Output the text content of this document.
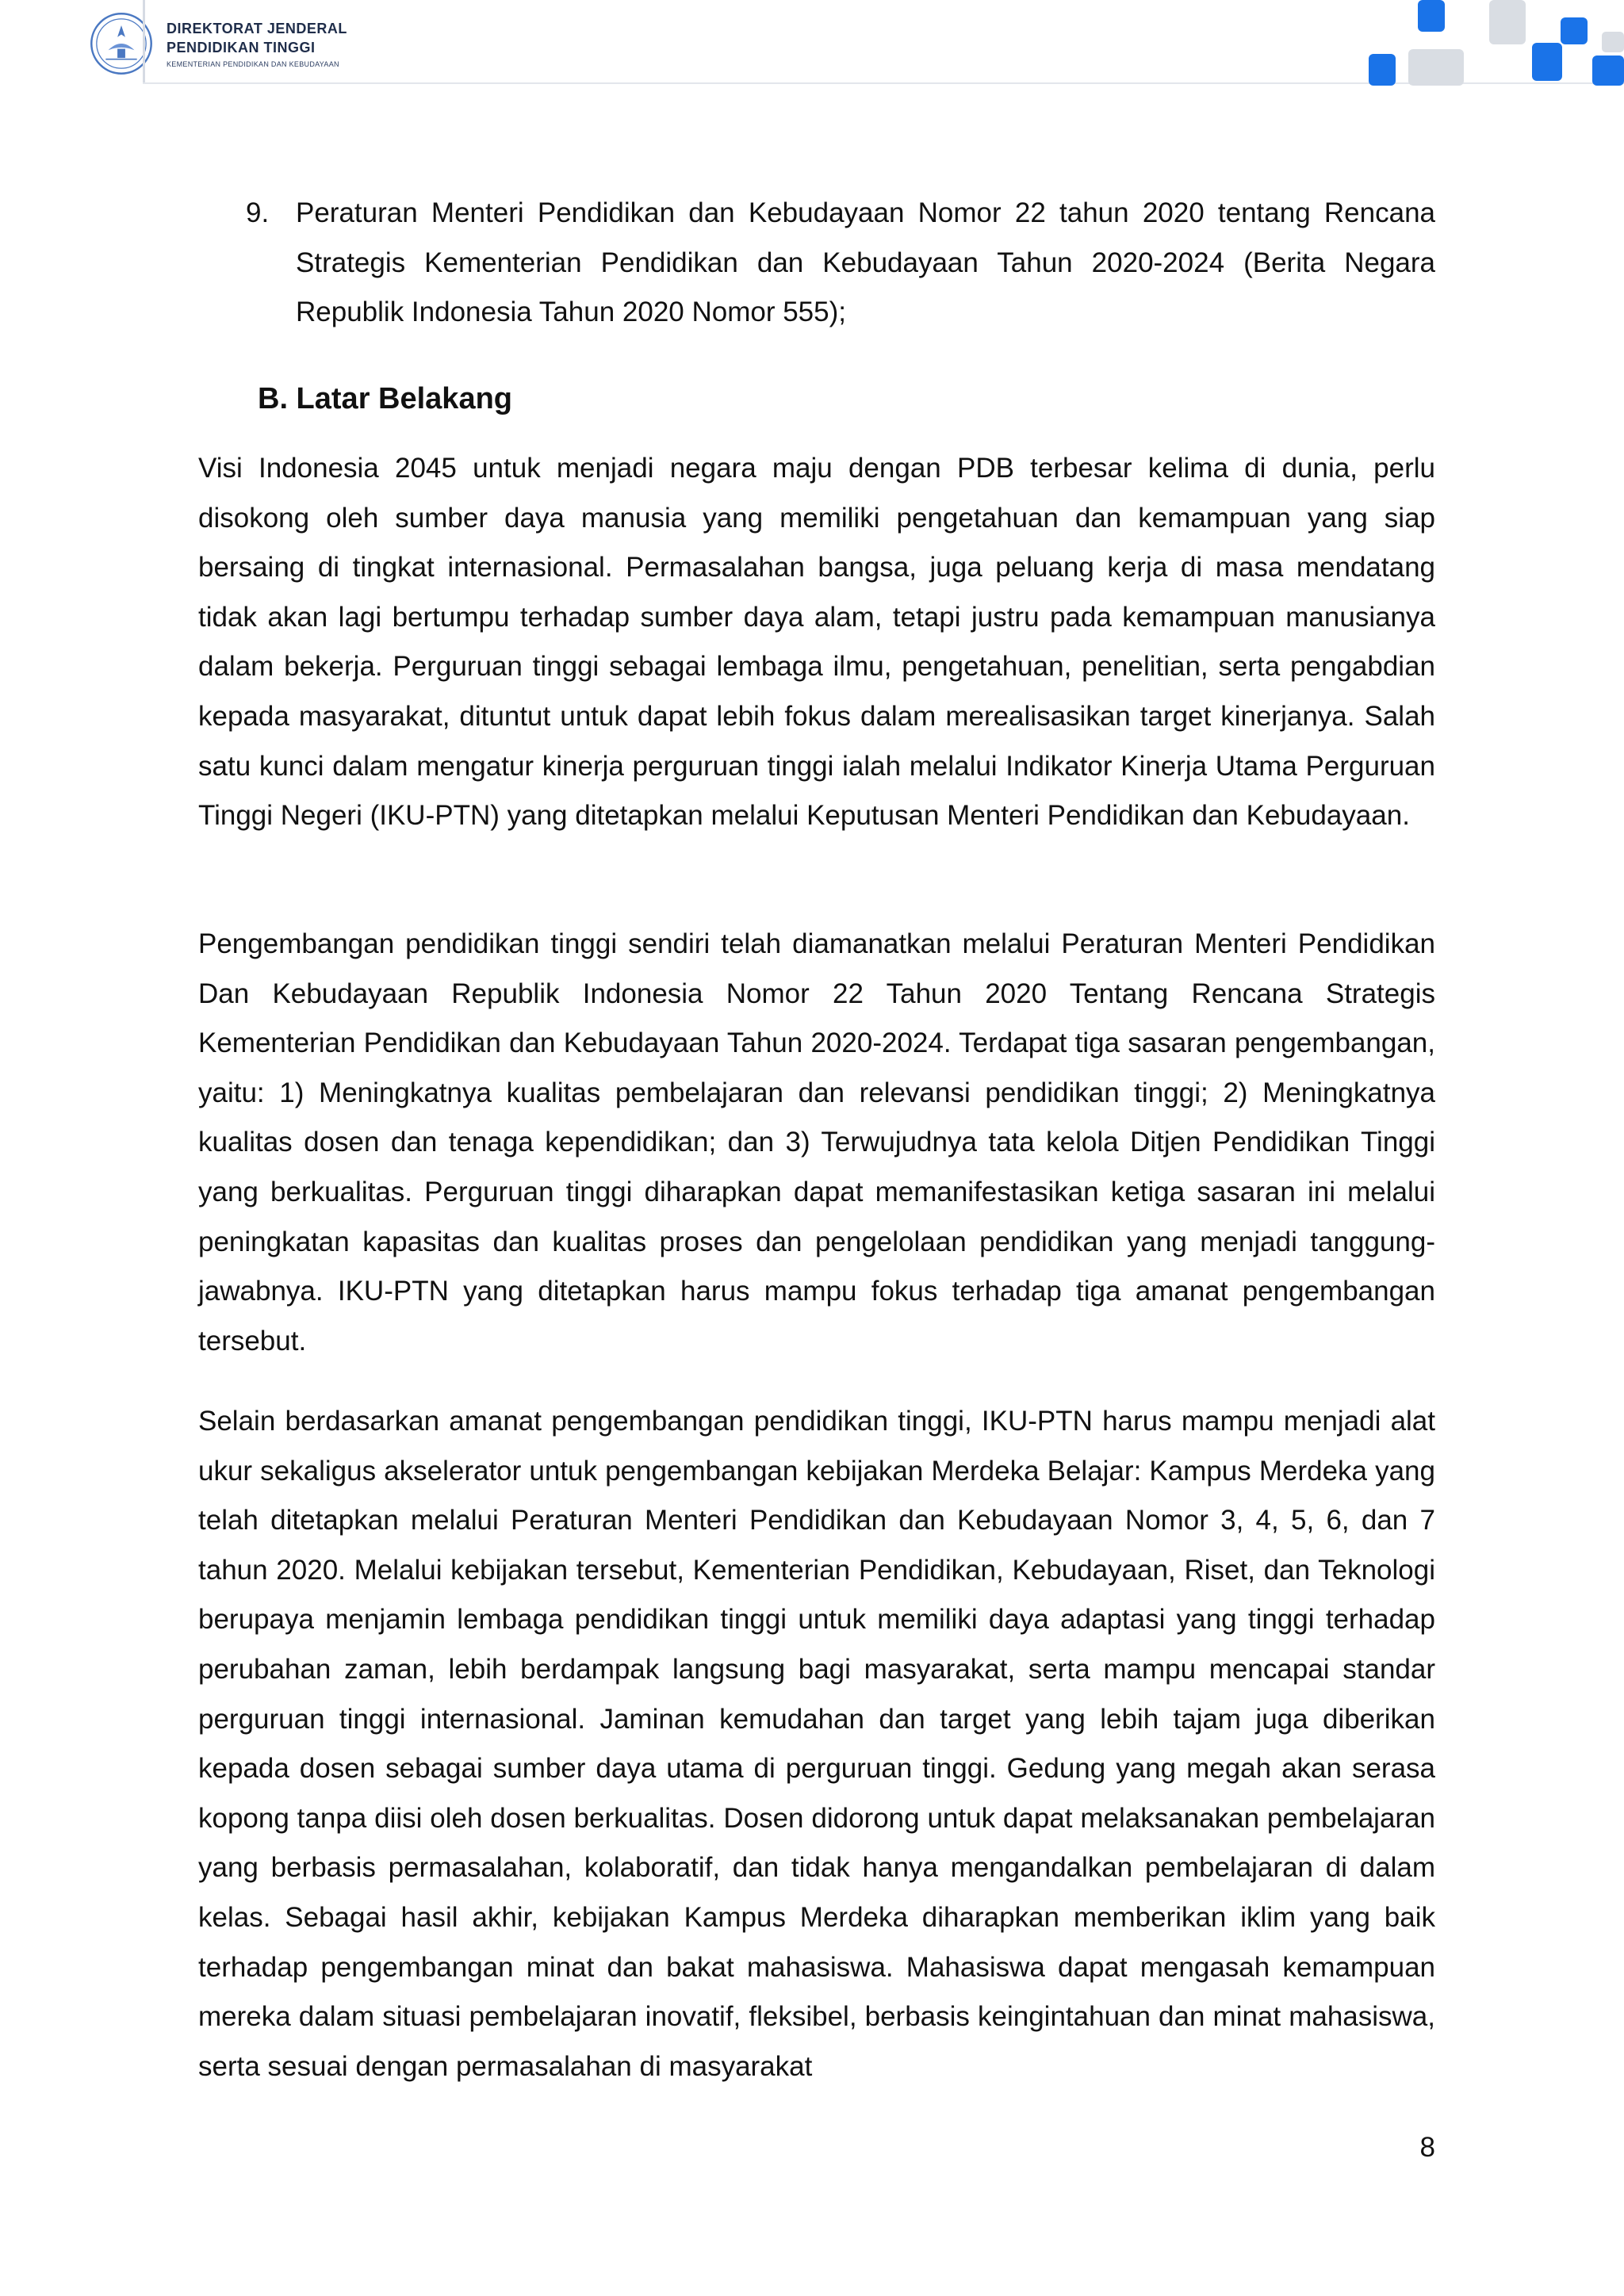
DIREKTORAT JENDERAL
PENDIDIKAN TINGGI
KEMENTERIAN PENDIDIKAN DAN KEBUDAYAAN
9. Peraturan Menteri Pendidikan dan Kebudayaan Nomor 22 tahun 2020 tentang Rencana Strategis Kementerian Pendidikan dan Kebudayaan Tahun 2020-2024 (Berita Negara Republik Indonesia Tahun 2020 Nomor 555);
B. Latar Belakang

Visi Indonesia 2045 untuk menjadi negara maju dengan PDB terbesar kelima di dunia, perlu disokong oleh sumber daya manusia yang memiliki pengetahuan dan kemampuan yang siap bersaing di tingkat internasional. Permasalahan bangsa, juga peluang kerja di masa mendatang tidak akan lagi bertumpu terhadap sumber daya alam, tetapi justru pada kemampuan manusianya dalam bekerja. Perguruan tinggi sebagai lembaga ilmu, pengetahuan, penelitian, serta pengabdian kepada masyarakat, dituntut untuk dapat lebih fokus dalam merealisasikan target kinerjanya. Salah satu kunci dalam mengatur kinerja perguruan tinggi ialah melalui Indikator Kinerja Utama Perguruan Tinggi Negeri (IKU-PTN) yang ditetapkan melalui Keputusan Menteri Pendidikan dan Kebudayaan.

Pengembangan pendidikan tinggi sendiri telah diamanatkan melalui Peraturan Menteri Pendidikan Dan Kebudayaan Republik Indonesia Nomor 22 Tahun 2020 Tentang Rencana Strategis Kementerian Pendidikan dan Kebudayaan Tahun 2020-2024. Terdapat tiga sasaran pengembangan, yaitu: 1) Meningkatnya kualitas pembelajaran dan relevansi pendidikan tinggi; 2) Meningkatnya kualitas dosen dan tenaga kependidikan; dan 3) Terwujudnya tata kelola Ditjen Pendidikan Tinggi yang berkualitas. Perguruan tinggi diharapkan dapat memanifestasikan ketiga sasaran ini melalui peningkatan kapasitas dan kualitas proses dan pengelolaan pendidikan yang menjadi tanggung-jawabnya. IKU-PTN yang ditetapkan harus mampu fokus terhadap tiga amanat pengembangan tersebut.

Selain berdasarkan amanat pengembangan pendidikan tinggi, IKU-PTN harus mampu menjadi alat ukur sekaligus akselerator untuk pengembangan kebijakan Merdeka Belajar: Kampus Merdeka yang telah ditetapkan melalui Peraturan Menteri Pendidikan dan Kebudayaan Nomor 3, 4, 5, 6, dan 7 tahun 2020. Melalui kebijakan tersebut, Kementerian Pendidikan, Kebudayaan, Riset, dan Teknologi berupaya menjamin lembaga pendidikan tinggi untuk memiliki daya adaptasi yang tinggi terhadap perubahan zaman, lebih berdampak langsung bagi masyarakat, serta mampu mencapai standar perguruan tinggi internasional. Jaminan kemudahan dan target yang lebih tajam juga diberikan kepada dosen sebagai sumber daya utama di perguruan tinggi. Gedung yang megah akan serasa kopong tanpa diisi oleh dosen berkualitas. Dosen didorong untuk dapat melaksanakan pembelajaran yang berbasis permasalahan, kolaboratif, dan tidak hanya mengandalkan pembelajaran di dalam kelas. Sebagai hasil akhir, kebijakan Kampus Merdeka diharapkan memberikan iklim yang baik terhadap pengembangan minat dan bakat mahasiswa. Mahasiswa dapat mengasah kemampuan mereka dalam situasi pembelajaran inovatif, fleksibel, berbasis keingintahuan dan minat mahasiswa, serta sesuai dengan permasalahan di masyarakat

8
